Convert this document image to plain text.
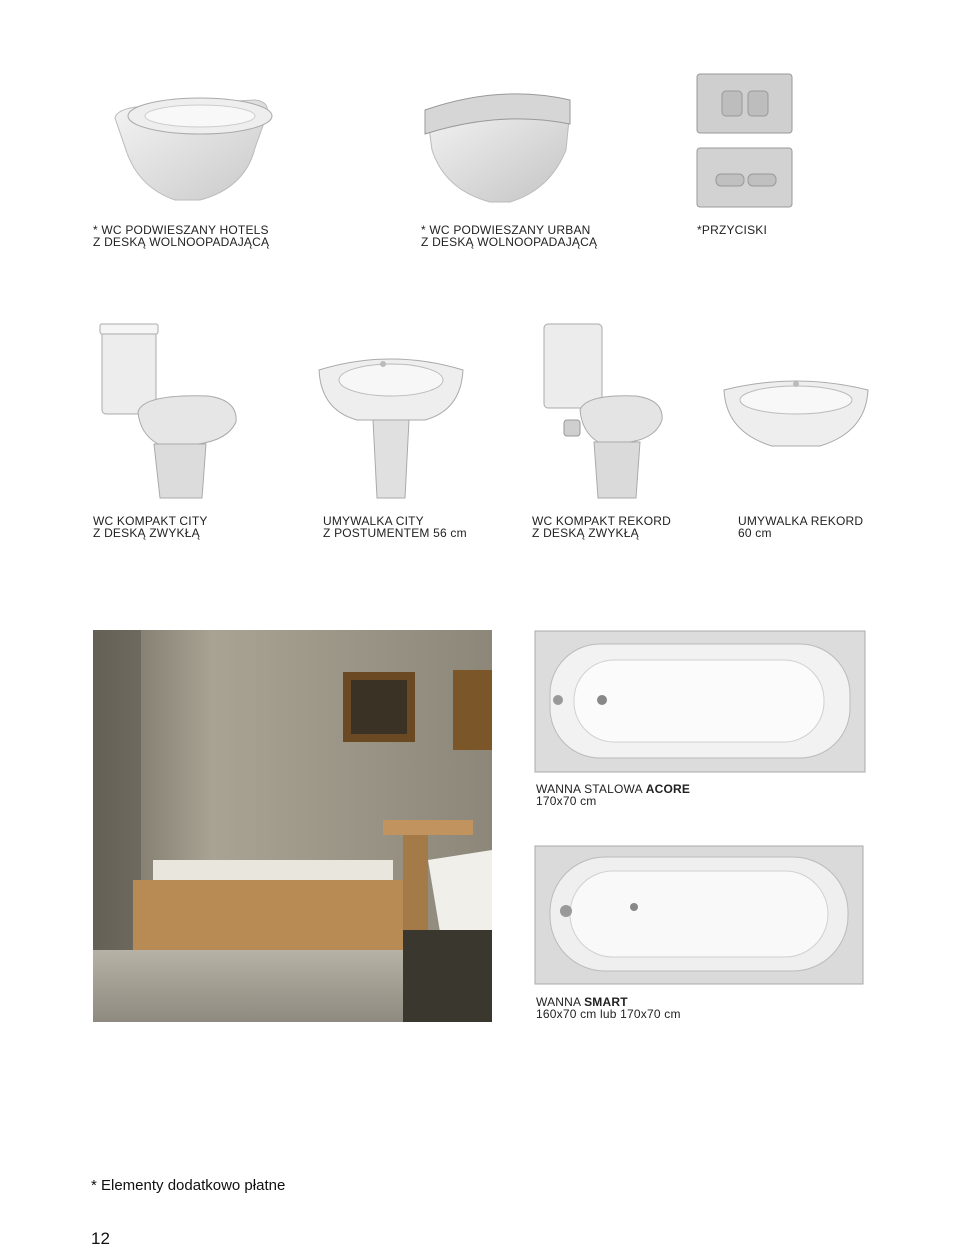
* WC PODWIESZANY HOTELS
Z DESKĄ WOLNOOPADAJĄCĄ
* WC PODWIESZANY URBAN
Z DESKĄ WOLNOOPADAJĄCĄ
*PRZYCISKI
WC KOMPAKT CITY
Z DESKĄ ZWYKŁĄ
UMYWALKA CITY
Z POSTUMENTEM 56 cm
WC KOMPAKT REKORD
Z DESKĄ ZWYKŁĄ
UMYWALKA REKORD
60 cm
WANNA STALOWA ACORE
170x70 cm
WANNA SMART
160x70 cm lub 170x70 cm
* Elementy dodatkowo płatne
12
